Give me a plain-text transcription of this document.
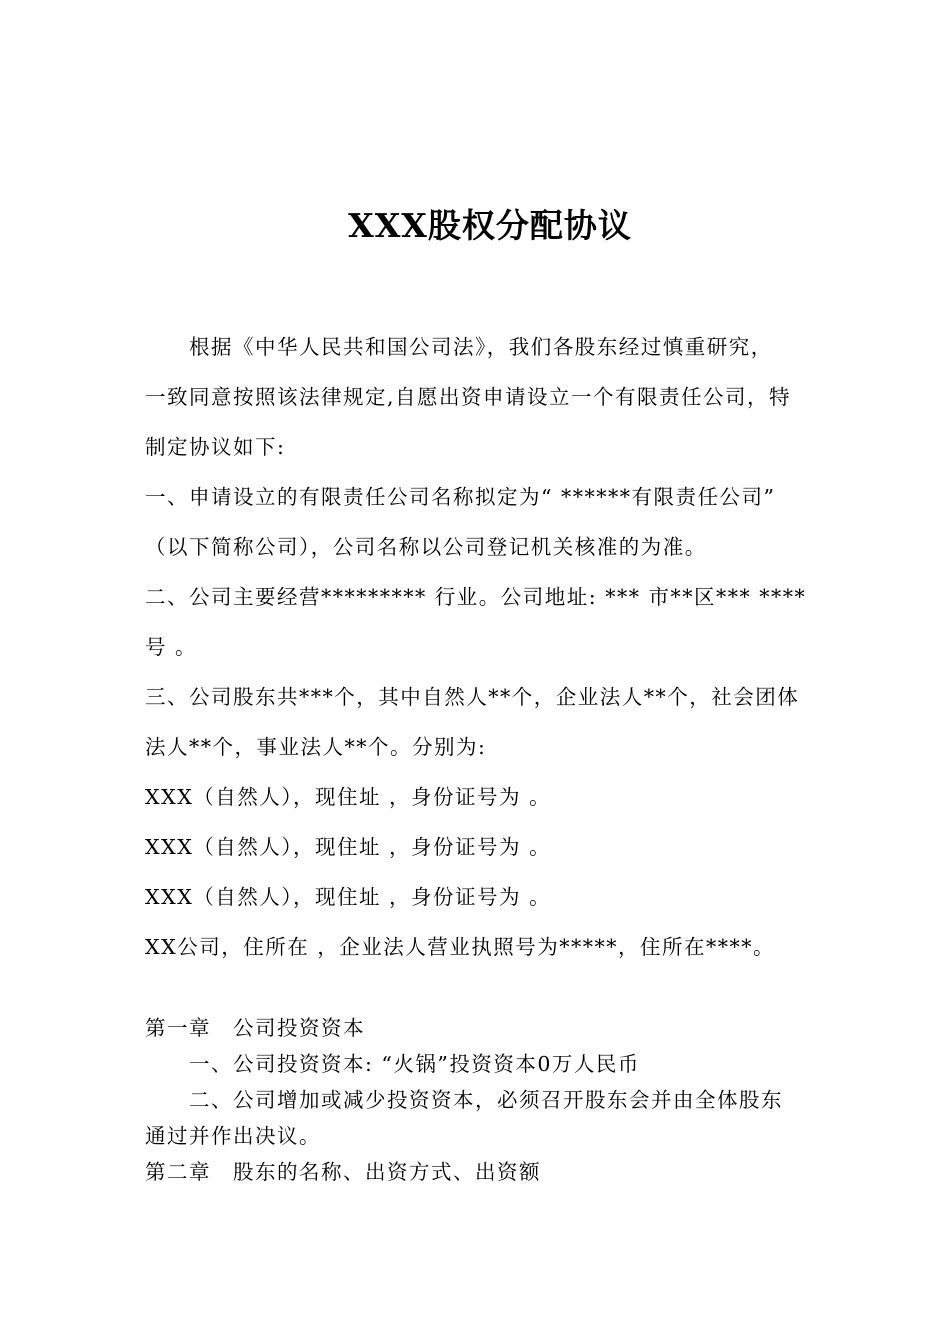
XXX股权分配协议

根据《中华人民共和国公司法》，我们各股东经过慎重研究，

一致同意按照该法律规定,自愿出资申请设立一个有限责任公司，特

制定协议如下:

一、申请设立的有限责任公司名称拟定为“ ******有限责任公司”

（以下简称公司），公司名称以公司登记机关核准的为准。

二、公司主要经营********* 行业。公司地址: *** 市**区*** ****

号 。

三、公司股东共***个，其中自然人**个，企业法人**个，社会团体

法人**个，事业法人**个。分别为:

XXX（自然人），现住址 ，身份证号为 。

XXX（自然人），现住址 ，身份证号为 。

XXX（自然人），现住址 ，身份证号为 。

XX公司，住所在 ，企业法人营业执照号为*****，住所在****。

第一章　公司投资资本

一、公司投资资本: “火锅”投资资本0万人民币

二、公司增加或减少投资资本，必须召开股东会并由全体股东

通过并作出决议。

第二章　股东的名称、出资方式、出资额
